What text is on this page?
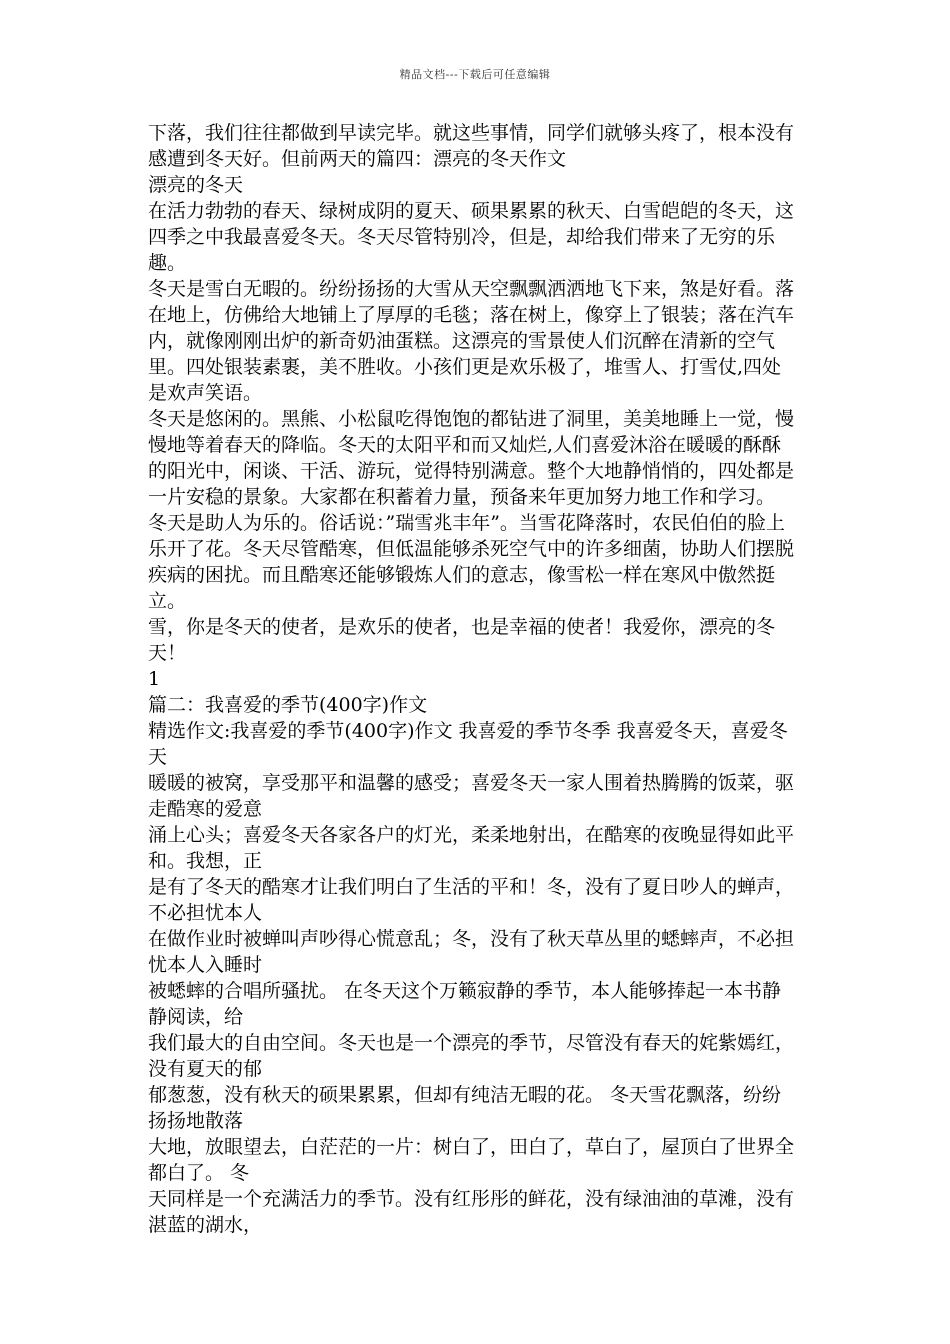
精品文档---下载后可任意编辑
下落，我们往往都做到早读完毕。就这些事情，同学们就够头疼了，根本没有
感遭到冬天好。但前两天的篇四：漂亮的冬天作文
漂亮的冬天
在活力勃勃的春天、绿树成阴的夏天、硕果累累的秋天、白雪皑皑的冬天，这
四季之中我最喜爱冬天。冬天尽管特别冷，但是，却给我们带来了无穷的乐
趣。
冬天是雪白无暇的。纷纷扬扬的大雪从天空飘飘洒洒地飞下来，煞是好看。落
在地上，仿佛给大地铺上了厚厚的毛毯；落在树上，像穿上了银装；落在汽车
内，就像刚刚出炉的新奇奶油蛋糕。这漂亮的雪景使人们沉醉在清新的空气
里。四处银装素裹，美不胜收。小孩们更是欢乐极了，堆雪人、打雪仗,四处
是欢声笑语。
冬天是悠闲的。黑熊、小松鼠吃得饱饱的都钻进了洞里，美美地睡上一觉，慢
慢地等着春天的降临。冬天的太阳平和而又灿烂,人们喜爱沐浴在暖暖的酥酥
的阳光中，闲谈、干活、游玩，觉得特别满意。整个大地静悄悄的，四处都是
一片安稳的景象。大家都在积蓄着力量，预备来年更加努力地工作和学习。
冬天是助人为乐的。俗话说：”瑞雪兆丰年”。当雪花降落时，农民伯伯的脸上
乐开了花。冬天尽管酷寒，但低温能够杀死空气中的许多细菌，协助人们摆脱
疾病的困扰。而且酷寒还能够锻炼人们的意志，像雪松一样在寒风中傲然挺
立。
雪，你是冬天的使者，是欢乐的使者，也是幸福的使者！我爱你，漂亮的冬
天！
1
篇二：我喜爱的季节(400字)作文
精选作文:我喜爱的季节(400字)作文 我喜爱的季节冬季 我喜爱冬天，喜爱冬
天
暖暖的被窝，享受那平和温馨的感受；喜爱冬天一家人围着热腾腾的饭菜，驱
走酷寒的爱意
涌上心头；喜爱冬天各家各户的灯光，柔柔地射出，在酷寒的夜晚显得如此平
和。我想，正
是有了冬天的酷寒才让我们明白了生活的平和！冬，没有了夏日吵人的蝉声，
不必担忧本人
在做作业时被蝉叫声吵得心慌意乱；冬，没有了秋天草丛里的蟋蟀声，不必担
忧本人入睡时
被蟋蟀的合唱所骚扰。 在冬天这个万籁寂静的季节，本人能够捧起一本书静
静阅读，给
我们最大的自由空间。冬天也是一个漂亮的季节，尽管没有春天的姹紫嫣红，
没有夏天的郁
郁葱葱，没有秋天的硕果累累，但却有纯洁无暇的花。 冬天雪花飘落，纷纷
扬扬地散落
大地，放眼望去，白茫茫的一片：树白了，田白了，草白了，屋顶白了世界全
都白了。 冬
天同样是一个充满活力的季节。没有红彤彤的鲜花，没有绿油油的草滩，没有
湛蓝的湖水，
